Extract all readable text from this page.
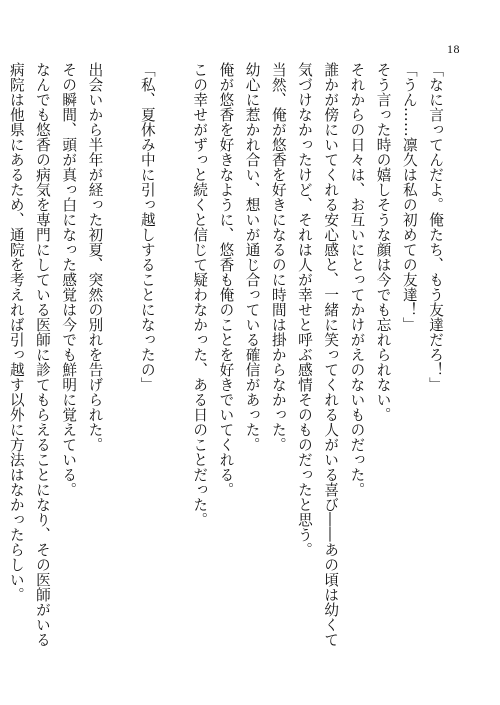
18
「なに言ってんだよ。俺たち、もう友達だろ！」
「うん……凛久は私の初めての友達！」
そう言った時の嬉しそうな顔は今でも忘れられない。
それからの日々は、お互いにとってかけがえのないものだった。
誰かが傍にいてくれる安心感と、一緒に笑ってくれる人がいる喜び――あの頃は幼くて
気づけなかったけど、それは人が幸せと呼ぶ感情そのものだったと思う。
当然、俺が悠香を好きになるのに時間は掛からなかった。
幼心に惹かれ合い、想いが通じ合っている確信があった。
俺が悠香を好きなように、悠香も俺のことを好きでいてくれる。
この幸せがずっと続くと信じて疑わなかった、ある日のことだった。
「私、夏休み中に引っ越しすることになったの」
出会いから半年が経った初夏、突然の別れを告げられた。
その瞬間、頭が真っ白になった感覚は今でも鮮明に覚えている。
なんでも悠香の病気を専門にしている医師に診てもらえることになり、その医師がいる
病院は他県にあるため、通院を考えれば引っ越す以外に方法はなかったらしい。
